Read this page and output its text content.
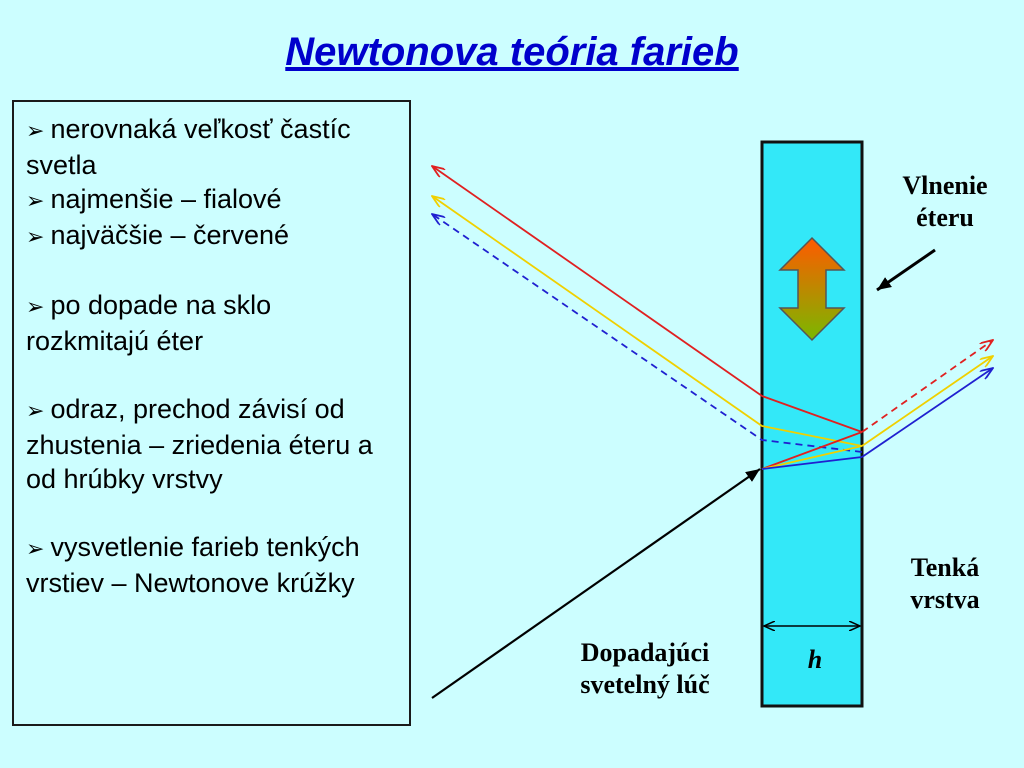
Newtonova teória farieb
➢ nerovnaká veľkosť častíc svetla
➢ najmenšie – fialové
➢ najväčšie – červené
➢ po dopade na sklo rozkmitajú éter
➢ odraz, prechod závisí od zhustenia – zriedenia éteru a od hrúbky vrstvy
➢ vysvetlenie farieb tenkých vrstiev – Newtonove krúžky
Vlnenie
éteru
Tenká
vrstva
Dopadajúci
svetelný lúč
h
